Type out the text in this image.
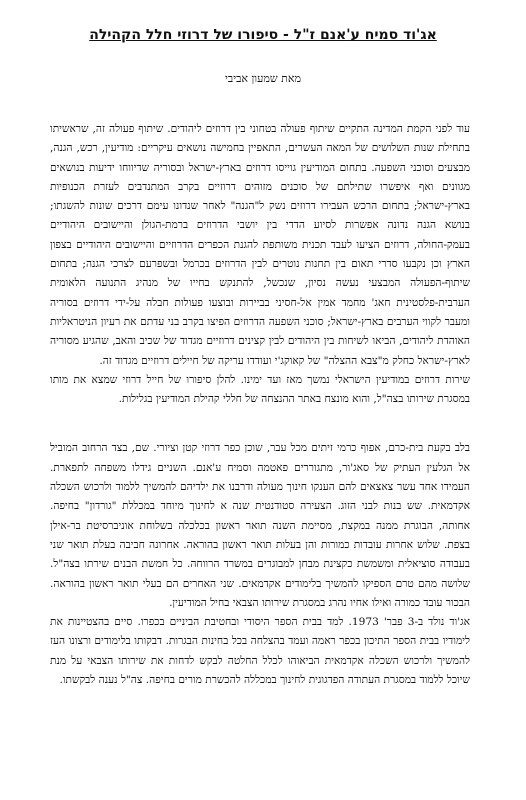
אג'וד סמיח ע'אנם ז"ל - סיפורו של דרוזי חלל הקהילה

מאת שמעון אביבי

עוד לפני הקמת המדינה התקיים שיתוף פעולה בטחוני בין דרוזים ליהודים. שיתוף פעולה זה, שראשיתו בתחילת שנות השלושים של המאה העשרים, התאפיין בחמישה נושאים עיקריים: מודיעין, רכש, הגנה, מבצעים וסוכני השפעה. בתחום המודיעין גוייסו דרוזים בארץ-ישראל ובסוריה שדיווחו ידיעות בנושאים מגוונים ואף איפשרו שתילתם של סוכנים מזוהים דרוזיים בקרב המתנדבים לעזרת הכנופיות בארץ-ישראל; בתחום הרכש העבירו דרוזים נשק ל"הגנה" לאחר שנדונו עימם דרכים שונות להשגתו; בנושא הגנה נדונה אפשרות לסיוע הדדי בין יושבי הדרוזים ברמת-הגולן והיישובים היהודיים בעמק-החולה, דרוזים הציעו לעבד תכנית משותפת להגנת הכפרים הדרוזיים והיישובים היהודיים בצפון הארץ וכן נקבעו סדרי תאום בין תחנות נוטרים לבין הדרוזים בכרמל ובשפרעם לצרכי הגנה; בתחום שיתוף-הפעולה המבצעי נעשה נסיון, שנכשל, להתנקש בחייו של מנהיג התנועה הלאומית הערבית-פלסטינית חאג' מחמד אמין אל-חסיני בביירות ובוצעו פעולות חבלה על-ידי דרוזים בסוריה ומעבר לקווי הערבים בארץ-ישראל; סוכני השפעה הדרוזים הפיצו בקרב בני עדתם את רעיון הניטראליות האוהדת ליהודים, הביאו לשיחות בין היהודים לבין קצינים דרוזיים מגדוד של שכיב והאב, שהגיע מסוריה לארץ-ישראל כחלק מ"צבא ההצלה" של קאוקג'י ועודדו עריקה של חיילים דרוזיים מגדוד זה.

שירות דרוזים במודיעין הישראלי נמשך מאז ועד ימינו. להלן סיפורו של חייל דרוזי שמצא את מותו במסגרת שירותו בצה"ל, והוא מונצח באתר ההנצחה של חללי קהילת המודיעין בגלילות.

בלב בקעת בית-כרם, אפוף כרמי זיתים מכל עבר, שוכן כפר דרוזי קטן וציורי. שם, בצד הרחוב המוביל אל הגלעין העתיק של סאג'ור, מתגוררים פאטמה וסמיח ע'אנם. השניים גידלו משפחה לתפארת. העמידו אחד עשר צאצאים להם הענקו חינוך מעולה ודרבנו את ילדיהם להמשיך ללמוד ולרכוש השכלה אקדמאית. שש בנות לבני הזוג. הצעירה סטודנטית שנה א לחינוך מיוחד במכללת "גורדון" בחיפה. אחותה, הבוגרת ממנה במקצת, מסיימת השנה תואר ראשון בכלכלה בשלוחת אוניברסיטת בר-אילן בצפת. שלוש אחרות עובדות כמורות והן בעלות תואר ראשון בהוראה. אחרונה חביבה בעלת תואר שני בעבודה סוציאלית ומשמשת כקצינת מבחן למבוגרים במשרד הרווחה. כל חמשת הבנים שירתו בצה"ל. שלושה מהם טרם הספיקו להמשיך בלימודים אקדמאים. שני האחרים הם בעלי תואר ראשון בהוראה. הבכור עובד כמורה ואילו אחיו נהרג במסגרת שירותו הצבאי בחיל המודיעין.

אג'וד נולד ב-3 פבר' 1973. למד בבית הספר היסודי ובחטיבת הביניים בכפרו. סיים בהצטיינות את לימודיו בבית הספר התיכון בכפר ראמה ועמד בהצלחה בכל בחינות הבגרות. דבקותו בלימודים ורצונו העז להמשיך ולרכוש השכלה אקדמאית הביאוהו לכלל החלטה לבקש לדחות את שירותו הצבאי על מנת שיוכל ללמוד במסגרת העתודה הפדגוגית לחינוך במכללה להכשרת מורים בחיפה. צה"ל נענה לבקשתו.
